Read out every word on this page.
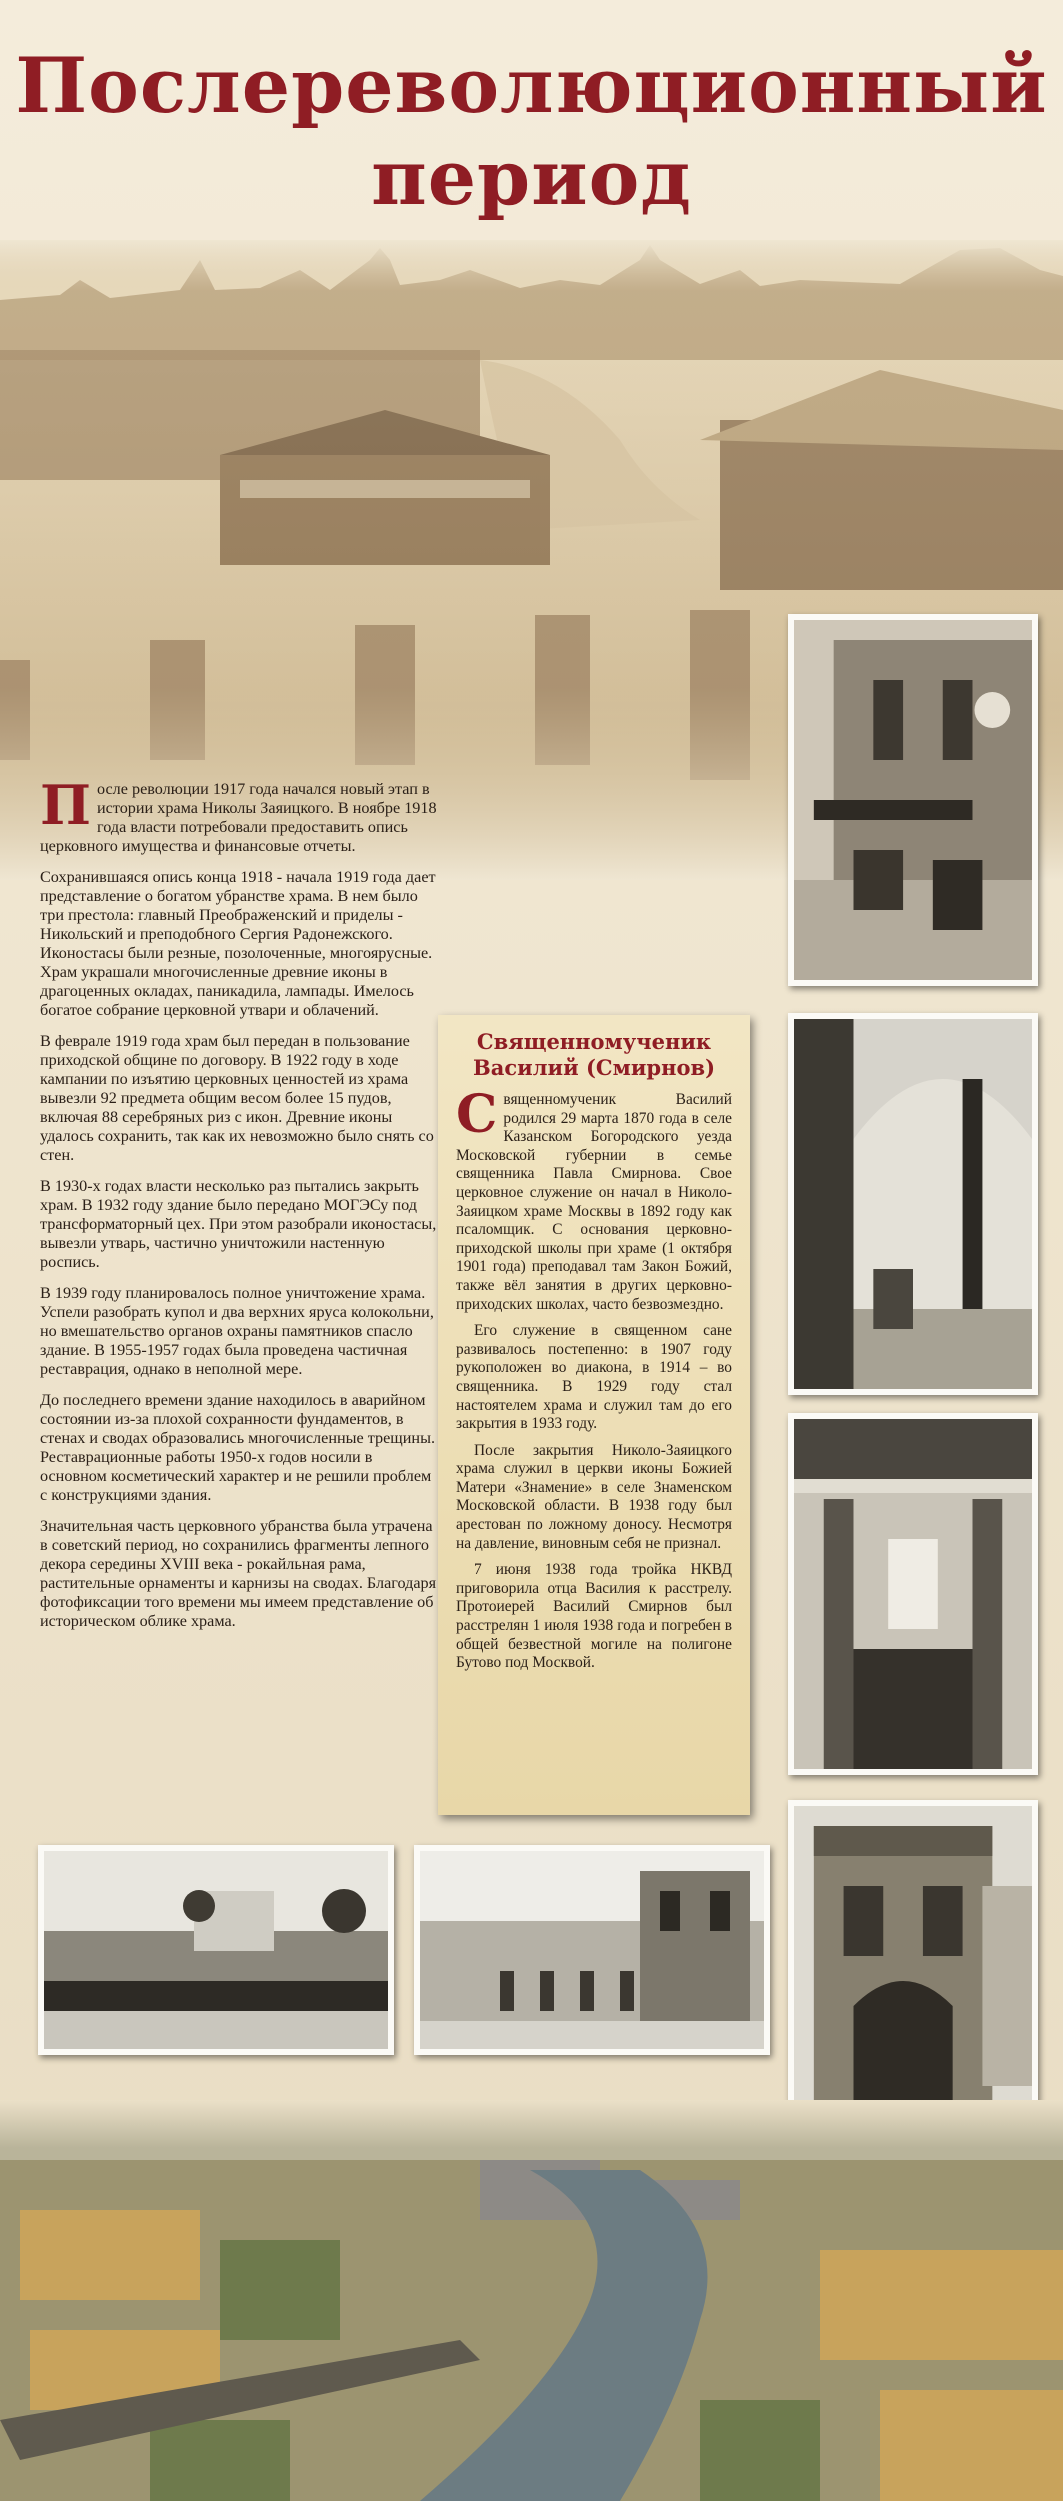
Послереволюционный
период

После революции 1917 года начался новый этап в истории храма Николы Заяицкого. В ноябре 1918 года власти потребовали предоставить опись церковного имущества и финансовые отчеты.

Сохранившаяся опись конца 1918 - начала 1919 года дает представление о богатом убранстве храма. В нем было три престола: главный Преображенский и приделы - Никольский и преподобного Сергия Радонежского. Иконостасы были резные, позолоченные, многоярусные. Храм украшали многочисленные древние иконы в драгоценных окладах, паникадила, лампады. Имелось богатое собрание церковной утвари и облачений.

В феврале 1919 года храм был передан в пользование приходской общине по договору. В 1922 году в ходе кампании по изъятию церковных ценностей из храма вывезли 92 предмета общим весом более 15 пудов, включая 88 серебряных риз с икон. Древние иконы удалось сохранить, так как их невозможно было снять со стен.

В 1930-х годах власти несколько раз пытались закрыть храм. В 1932 году здание было передано МОГЭСу под трансформаторный цех. При этом разобрали иконостасы, вывезли утварь, частично уничтожили настенную роспись.

В 1939 году планировалось полное уничтожение храма. Успели разобрать купол и два верхних яруса колокольни, но вмешательство органов охраны памятников спасло здание. В 1955-1957 годах была проведена частичная реставрация, однако в неполной мере.

До последнего времени здание находилось в аварийном состоянии из-за плохой сохранности фундаментов, в стенах и сводах образовались многочисленные трещины. Реставрационные работы 1950-х годов носили в основном косметический характер и не решили проблем с конструкциями здания.

Значительная часть церковного убранства была утрачена в советский период, но сохранились фрагменты лепного декора середины XVIII века - рокайльная рама, растительные орнаменты и карнизы на сводах. Благодаря фотофиксации того времени мы имеем представление об историческом облике храма.

Священномученик
Василий (Смирнов)

Священномученик Василий родился 29 марта 1870 года в селе Казанском Богородского уезда Московской губернии в семье священника Павла Смирнова. Свое церковное служение он начал в Николо-Заяицком храме Москвы в 1892 году как псаломщик. С основания церковно-приходской школы при храме (1 октября 1901 года) преподавал там Закон Божий, также вёл занятия в других церковно-приходских школах, часто безвозмездно.

Его служение в священном сане развивалось постепенно: в 1907 году рукоположен во диакона, в 1914 – во священника. В 1929 году стал настоятелем храма и служил там до его закрытия в 1933 году.

После закрытия Николо-Заяицкого храма служил в церкви иконы Божией Матери «Знамение» в селе Знаменском Московской области. В 1938 году был арестован по ложному доносу. Несмотря на давление, виновным себя не признал.

7 июня 1938 года тройка НКВД приговорила отца Василия к расстрелу. Протоиерей Василий Смирнов был расстрелян 1 июля 1938 года и погребен в общей безвестной могиле на полигоне Бутово под Москвой.
